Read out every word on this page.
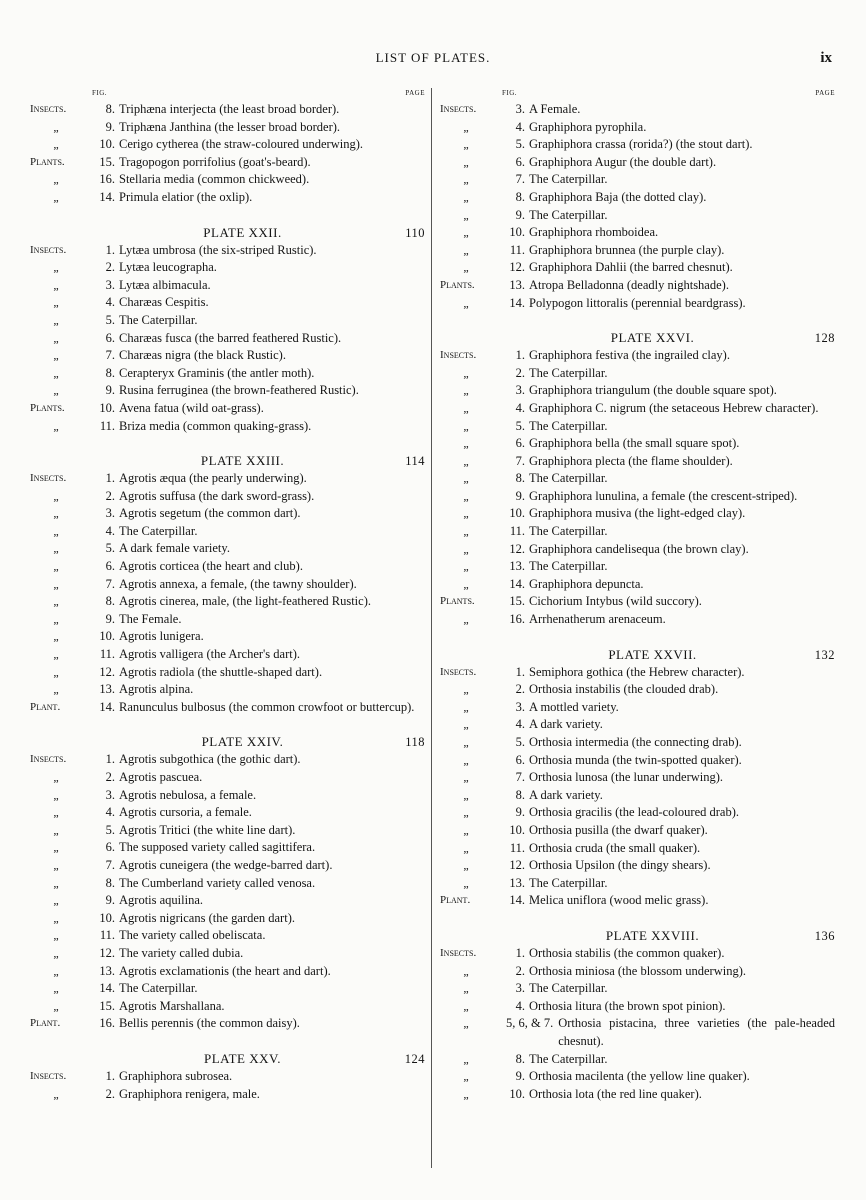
LIST OF PLATES.	ix
FIG.	PAGE
Insects.	8. Triphæna interjecta (the least broad border).
„	9. Triphæna Janthina (the lesser broad border).
„	10. Cerigo cytherea (the straw-coloured underwing).
Plants.	15. Tragopogon porrifolius (goat's-beard).
„	16. Stellaria media (common chickweed).
„	14. Primula elatior (the oxlip).
PLATE XXII.	110
Insects.	1. Lytæa umbrosa (the six-striped Rustic).
„	2. Lytæa leucographa.
„	3. Lytæa albimacula.
„	4. Charæas Cespitis.
„	5. The Caterpillar.
„	6. Charæas fusca (the barred feathered Rustic).
„	7. Charæas nigra (the black Rustic).
„	8. Cerapteryx Graminis (the antler moth).
„	9. Rusina ferruginea (the brown-feathered Rustic).
Plants.	10. Avena fatua (wild oat-grass).
„	11. Briza media (common quaking-grass).
PLATE XXIII.	114
Insects.	1. Agrotis æqua (the pearly underwing).
„	2. Agrotis suffusa (the dark sword-grass).
„	3. Agrotis segetum (the common dart).
„	4. The Caterpillar.
„	5. A dark female variety.
„	6. Agrotis corticea (the heart and club).
„	7. Agrotis annexa, a female, (the tawny shoulder).
„	8. Agrotis cinerea, male, (the light-feathered Rustic).
„	9. The Female.
„	10. Agrotis lunigera.
„	11. Agrotis valligera (the Archer's dart).
„	12. Agrotis radiola (the shuttle-shaped dart).
„	13. Agrotis alpina.
Plant.	14. Ranunculus bulbosus (the common crowfoot or buttercup).
PLATE XXIV.	118
Insects.	1. Agrotis subgothica (the gothic dart).
„	2. Agrotis pascuea.
„	3. Agrotis nebulosa, a female.
„	4. Agrotis cursoria, a female.
„	5. Agrotis Tritici (the white line dart).
„	6. The supposed variety called sagittifera.
„	7. Agrotis cuneigera (the wedge-barred dart).
„	8. The Cumberland variety called venosa.
„	9. Agrotis aquilina.
„	10. Agrotis nigricans (the garden dart).
„	11. The variety called obeliscata.
„	12. The variety called dubia.
„	13. Agrotis exclamationis (the heart and dart).
„	14. The Caterpillar.
„	15. Agrotis Marshallana.
Plant.	16. Bellis perennis (the common daisy).
PLATE XXV.	124
Insects.	1. Graphiphora subrosea.
„	2. Graphiphora renigera, male.
FIG.	PAGE
Insects.	3. A Female.
„	4. Graphiphora pyrophila.
„	5. Graphiphora crassa (rorida?) (the stout dart).
„	6. Graphiphora Augur (the double dart).
„	7. The Caterpillar.
„	8. Graphiphora Baja (the dotted clay).
„	9. The Caterpillar.
„	10. Graphiphora rhomboidea.
„	11. Graphiphora brunnea (the purple clay).
„	12. Graphiphora Dahlii (the barred chesnut).
Plants.	13. Atropa Belladonna (deadly nightshade).
„	14. Polypogon littoralis (perennial beardgrass).
PLATE XXVI.	128
Insects.	1. Graphiphora festiva (the ingrailed clay).
„	2. The Caterpillar.
„	3. Graphiphora triangulum (the double square spot).
„	4. Graphiphora C. nigrum (the setaceous Hebrew character).
„	5. The Caterpillar.
„	6. Graphiphora bella (the small square spot).
„	7. Graphiphora plecta (the flame shoulder).
„	8. The Caterpillar.
„	9. Graphiphora lunulina, a female (the crescent-striped).
„	10. Graphiphora musiva (the light-edged clay).
„	11. The Caterpillar.
„	12. Graphiphora candelisequa (the brown clay).
„	13. The Caterpillar.
„	14. Graphiphora depuncta.
Plants.	15. Cichorium Intybus (wild succory).
„	16. Arrhenatherum arenaceum.
PLATE XXVII.	132
Insects.	1. Semiphora gothica (the Hebrew character).
„	2. Orthosia instabilis (the clouded drab).
„	3. A mottled variety.
„	4. A dark variety.
„	5. Orthosia intermedia (the connecting drab).
„	6. Orthosia munda (the twin-spotted quaker).
„	7. Orthosia lunosa (the lunar underwing).
„	8. A dark variety.
„	9. Orthosia gracilis (the lead-coloured drab).
„	10. Orthosia pusilla (the dwarf quaker).
„	11. Orthosia cruda (the small quaker).
„	12. Orthosia Upsilon (the dingy shears).
„	13. The Caterpillar.
Plant.	14. Melica uniflora (wood melic grass).
PLATE XXVIII.	136
Insects.	1. Orthosia stabilis (the common quaker).
„	2. Orthosia miniosa (the blossom underwing).
„	3. The Caterpillar.
„	4. Orthosia litura (the brown spot pinion).
„	5, 6, & 7. Orthosia pistacina, three varieties (the pale-headed chesnut).
„	8. The Caterpillar.
„	9. Orthosia macilenta (the yellow line quaker).
„	10. Orthosia lota (the red line quaker).
